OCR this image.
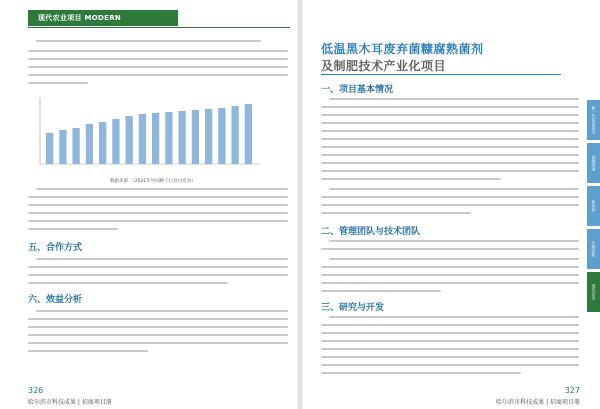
现代农业项目 MODERN AGRICULTURE
数据来源：《2021年中国种子行业白皮书》
五、合作方式
六、效益分析
326
哈尔滨市科技成果 | 招商项目册
低温黑木耳废弃菌糠腐熟菌剂
及制肥技术产业化项目
一、项目基本情况
二、管理团队与技术团队
三、研究与开发
327
哈尔滨市科技成果 | 招商项目册
新一代信息技术
高端装备
新材料
生物医药
现代农业
